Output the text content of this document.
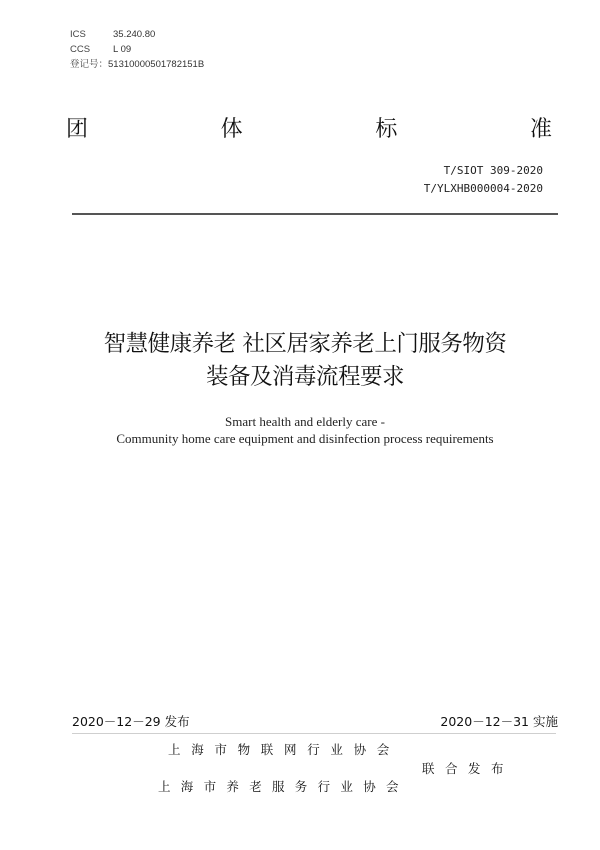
ICS	35.240.80
CCS L 09
登记号：51310000501782151B
团	体	标	准
T/SIOT 309-2020
T/YLXHB000004-2020
智慧健康养老 社区居家养老上门服务物资
装备及消毒流程要求
Smart health and elderly care -
Community home care equipment and disinfection process requirements
2020－12－29 发布	2020－12－31 实施
上海市物联网行业协会
联合发布
上海市养老服务行业协会
